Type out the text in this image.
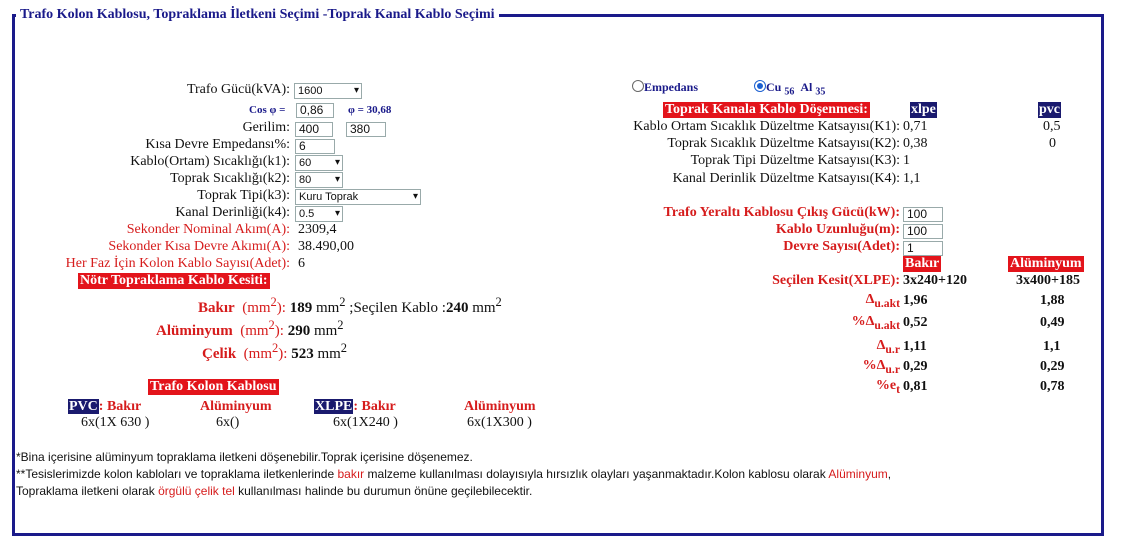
Trafo Kolon Kablosu, Topraklama İletkeni Seçimi -Toprak Kanal Kablo Seçimi
Trafo Gücü(kVA): 1600	▾
Cos φ =	0,86	φ = 30,68
Gerilim: 400	380
Kısa Devre Empedansı%: 6
Kablo(Ortam) Sıcaklığı(k1): 60 ▾
Toprak Sıcaklığı(k2): 80 ▾
Toprak Tipi(k3): Kuru Toprak	▾
Kanal Derinliği(k4): 0.5 ▾
Sekonder Nominal Akım(A): 2309,4
Sekonder Kısa Devre Akımı(A): 38.490,00
Her Faz İçin Kolon Kablo Sayısı(Adet): 6
Nötr Topraklama Kablo Kesiti:
Bakır  $(mm^2)$: 189 $mm^2$ ;Seçilen Kablo :240 $mm^2$
Alüminyum  $(mm^2)$: 290 $mm^2$
Çelik  $(mm^2)$: 523 $mm^2$
Trafo Kolon Kablosu
PVC: Bakır	Alüminyum	XLPE: Bakır	Alüminyum
6x(1X 630 )	6x()	6x(1X240 )	6x(1X300 )
Empedans	Cu $_{56}$ Al $_{35}$
Toprak Kanala Kablo Döşenmesi:	xlpe	pvc
Kablo Ortam Sıcaklık Düzeltme Katsayısı(K1): 0,71	0,5
Toprak Sıcaklık Düzeltme Katsayısı(K2): 0,38	0
Toprak Tipi Düzeltme Katsayısı(K3): 1
Kanal Derinlik Düzeltme Katsayısı(K4): 1,1
Trafo Yeraltı Kablosu Çıkış Gücü(kW): 100
Kablo Uzunluğu(m): 100
Devre Sayısı(Adet): 1
Bakır	Alüminyum
Seçilen Kesit(XLPE): 3x240+120	3x400+185
$\Delta_{u.akt}$ 1,96	1,88
$\%\Delta_{u.akt}$ 0,52	0,49
$\Delta_{u.r}$ 1,11	1,1
$\%\Delta_{u.r}$ 0,29	0,29
$\%e_t$ 0,81	0,78
*Bina içerisine alüminyum topraklama iletkeni döşenebilir.Toprak içerisine döşenemez.
**Tesislerimizde kolon kabloları ve topraklama iletkenlerinde bakır malzeme kullanılması dolayısıyla hırsızlık olayları yaşanmaktadır.Kolon kablosu olarak Alüminyum,
Topraklama iletkeni olarak örgülü çelik tel kullanılması halinde bu durumun önüne geçilebilecektir.
